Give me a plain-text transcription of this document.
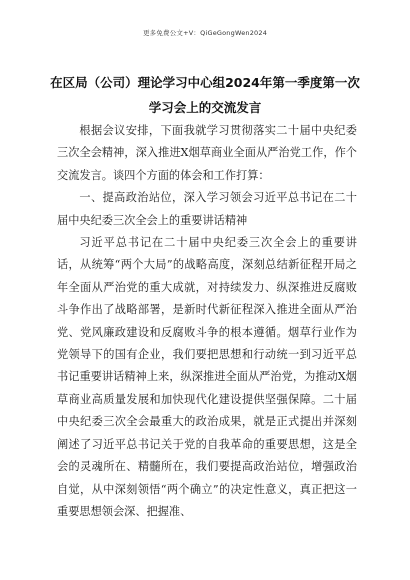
更多免费公文+V：QiGeGongWen2024
在区局（公司）理论学习中心组2024年第一季度第一次学习会上的交流发言

根据会议安排，下面我就学习贯彻落实二十届中央纪委三次全会精神，深入推进X烟草商业全面从严治党工作，作个交流发言。谈四个方面的体会和工作打算：

一、提高政治站位，深入学习领会习近平总书记在二十届中央纪委三次全会上的重要讲话精神

习近平总书记在二十届中央纪委三次全会上的重要讲话，从统筹“两个大局”的战略高度，深刻总结新征程开局之年全面从严治党的重大成就，对持续发力、纵深推进反腐败斗争作出了战略部署，是新时代新征程深入推进全面从严治党、党风廉政建设和反腐败斗争的根本遵循。烟草行业作为党领导下的国有企业，我们要把思想和行动统一到习近平总书记重要讲话精神上来，纵深推进全面从严治党，为推动X烟草商业高质量发展和加快现代化建设提供坚强保障。二十届中央纪委三次全会最重大的政治成果，就是正式提出并深刻阐述了习近平总书记关于党的自我革命的重要思想，这是全会的灵魂所在、精髓所在，我们要提高政治站位，增强政治自觉，从中深刻领悟“两个确立”的决定性意义，真正把这一重要思想领会深、把握准、
